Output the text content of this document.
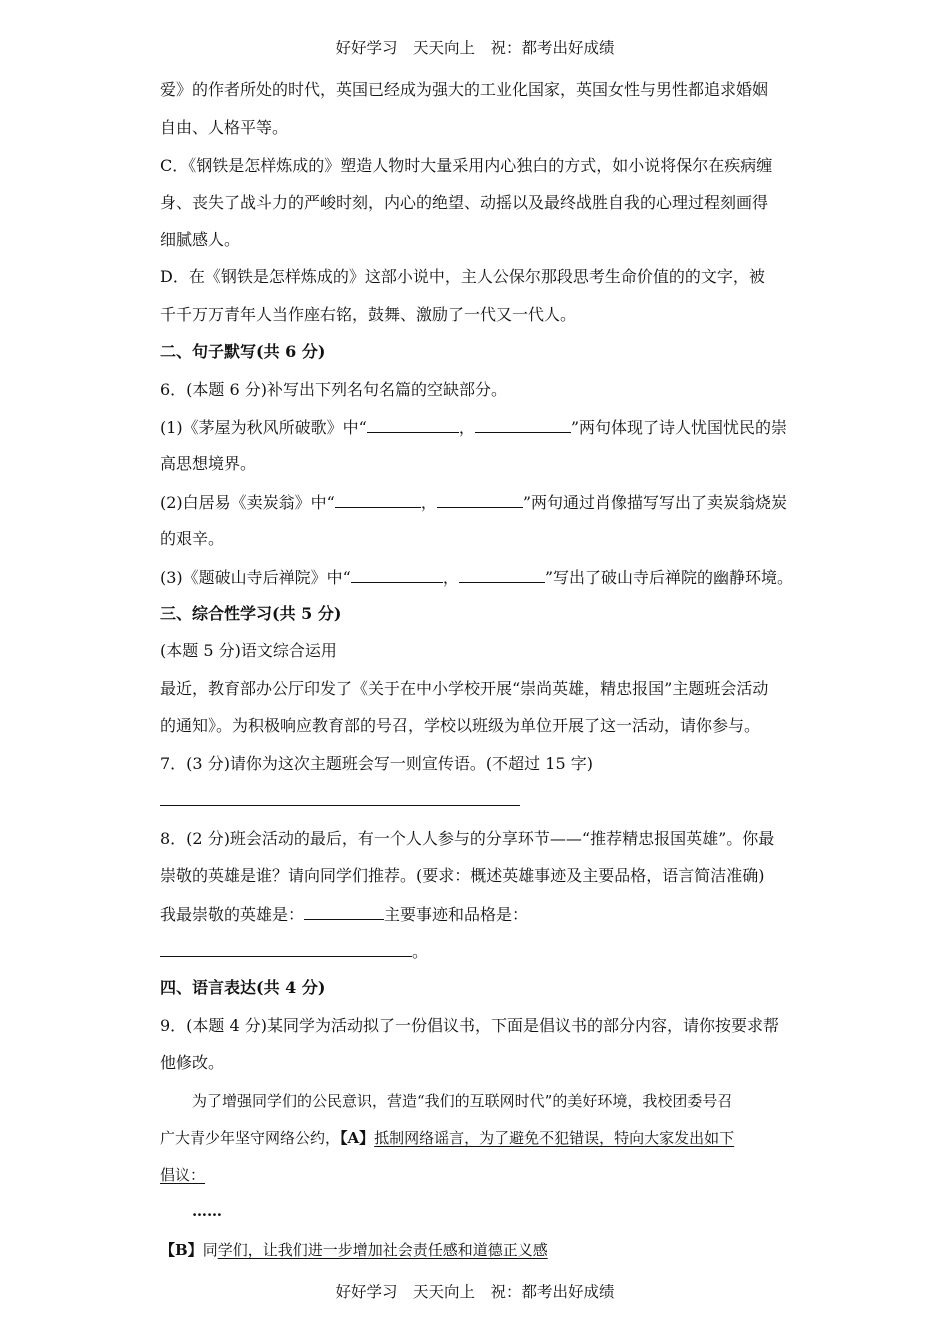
好好学习　天天向上　祝：都考出好成绩
爱》的作者所处的时代，英国已经成为强大的工业化国家，英国女性与男性都追求婚姻
自由、人格平等。
C．《钢铁是怎样炼成的》塑造人物时大量采用内心独白的方式，如小说将保尔在疾病缠
身、丧失了战斗力的严峻时刻，内心的绝望、动摇以及最终战胜自我的心理过程刻画得
细腻感人。
D．在《钢铁是怎样炼成的》这部小说中，主人公保尔那段思考生命价值的的文字，被
千千万万青年人当作座右铭，鼓舞、激励了一代又一代人。
二、句子默写(共 6 分)
6．(本题 6 分)补写出下列名句名篇的空缺部分。
(1)《茅屋为秋风所破歌》中“	，	”两句体现了诗人忧国忧民的崇
高思想境界。
(2)白居易《卖炭翁》中“	，	”两句通过肖像描写写出了卖炭翁烧炭
的艰辛。
(3)《题破山寺后禅院》中“	，	”写出了破山寺后禅院的幽静环境。
三、综合性学习(共 5 分)
(本题 5 分)语文综合运用
最近，教育部办公厅印发了《关于在中小学校开展“崇尚英雄，精忠报国”主题班会活动
的通知》。为积极响应教育部的号召，学校以班级为单位开展了这一活动，请你参与。
7．(3 分)请你为这次主题班会写一则宣传语。(不超过 15 字)
8．(2 分)班会活动的最后，有一个人人参与的分享环节——“推荐精忠报国英雄”。你最
崇敬的英雄是谁？请向同学们推荐。(要求：概述英雄事迹及主要品格，语言简洁准确)
我最崇敬的英雄是：	主要事迹和品格是：
。
四、语言表达(共 4 分)
9．(本题 4 分)某同学为活动拟了一份倡议书，下面是倡议书的部分内容，请你按要求帮
他修改。
为了增强同学们的公民意识，营造“我们的互联网时代”的美好环境，我校团委号召
广大青少年坚守网络公约，【A】抵制网络谣言，为了避免不犯错误，特向大家发出如下
倡议：
……
【B】同学们，让我们进一步增加社会责任感和道德正义感
好好学习　天天向上　祝：都考出好成绩
